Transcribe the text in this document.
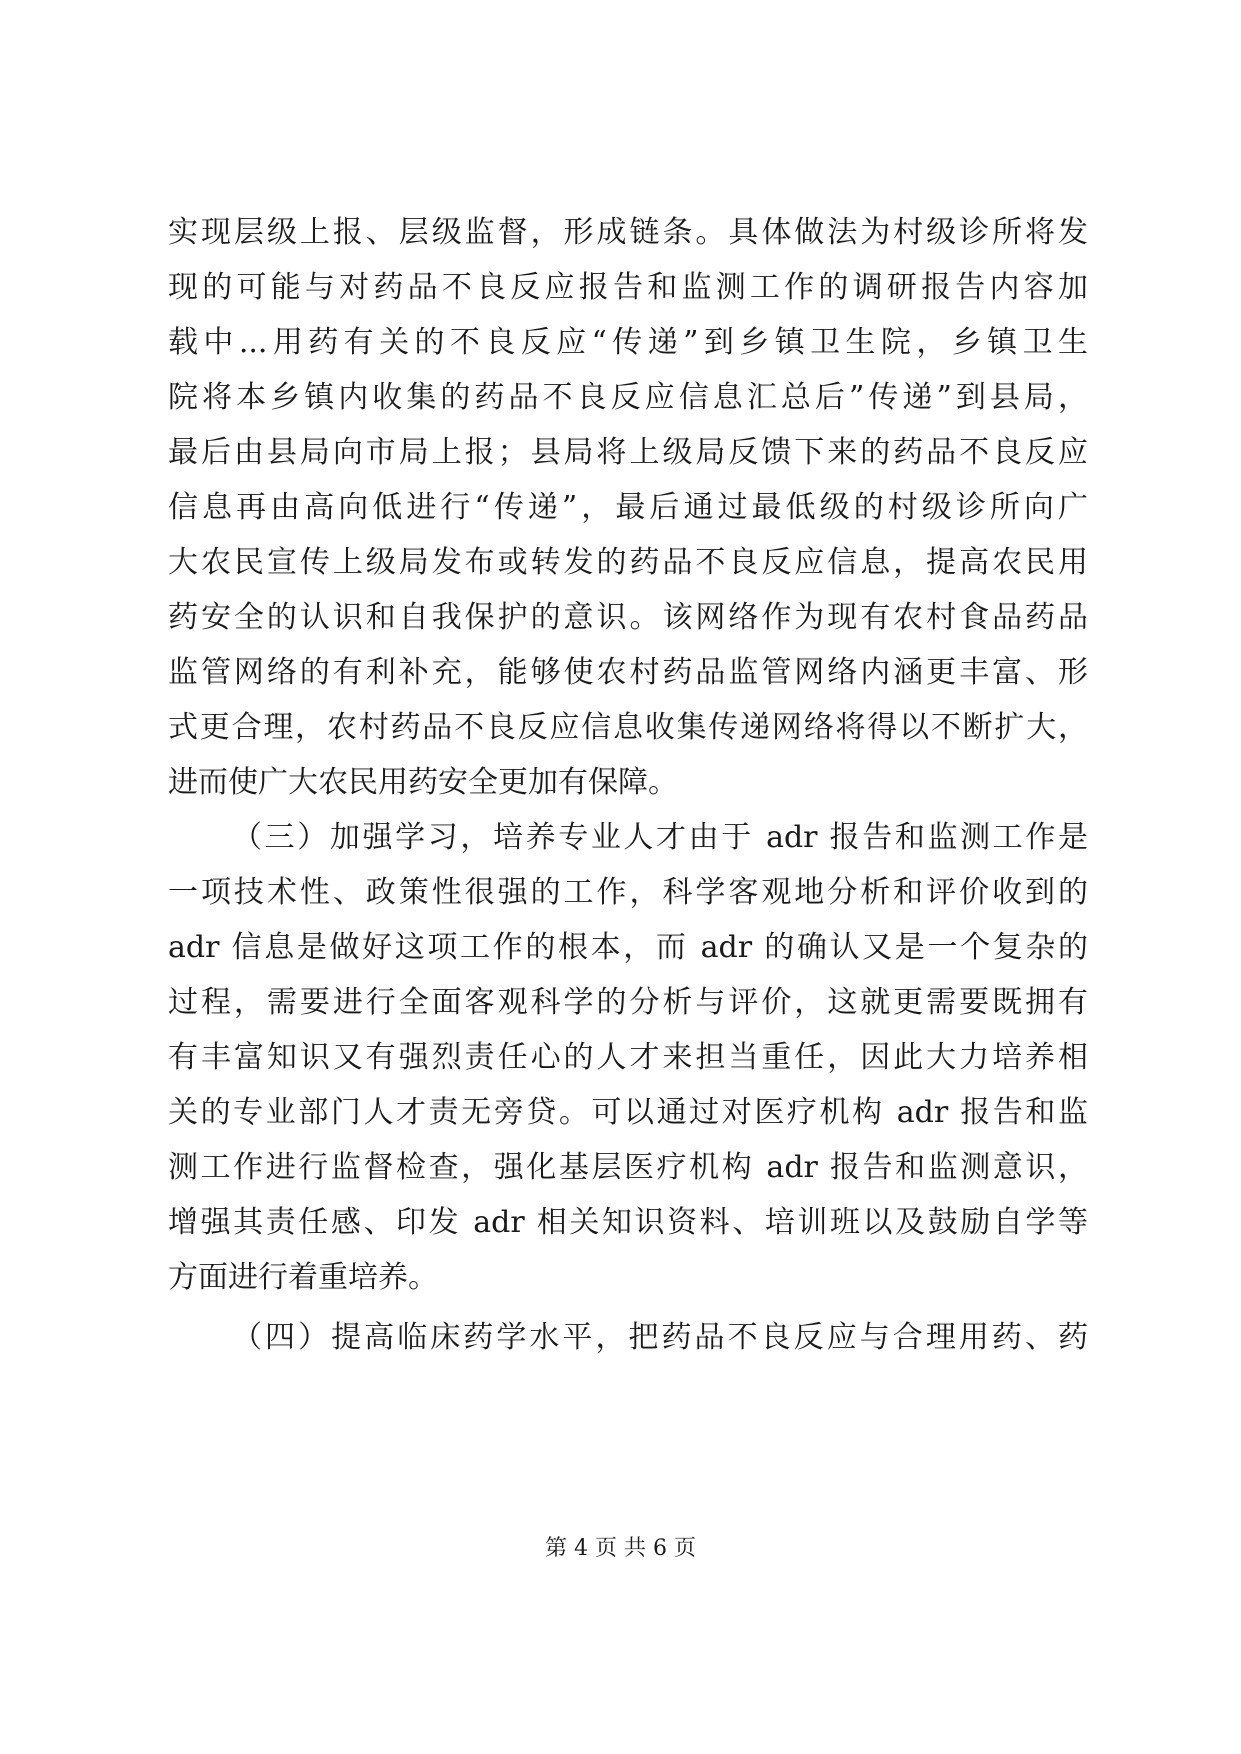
实现层级上报、层级监督，形成链条。具体做法为村级诊所将发
现的可能与对药品不良反应报告和监测工作的调研报告内容加
载中...用药有关的不良反应“传递”到乡镇卫生院，乡镇卫生
院将本乡镇内收集的药品不良反应信息汇总后”传递”到县局，
最后由县局向市局上报；县局将上级局反馈下来的药品不良反应
信息再由高向低进行“传递”，最后通过最低级的村级诊所向广
大农民宣传上级局发布或转发的药品不良反应信息，提高农民用
药安全的认识和自我保护的意识。该网络作为现有农村食品药品
监管网络的有利补充，能够使农村药品监管网络内涵更丰富、形
式更合理，农村药品不良反应信息收集传递网络将得以不断扩大，
进而使广大农民用药安全更加有保障。
（三）加强学习，培养专业人才由于 adr 报告和监测工作是
一项技术性、政策性很强的工作，科学客观地分析和评价收到的
adr 信息是做好这项工作的根本，而 adr 的确认又是一个复杂的
过程，需要进行全面客观科学的分析与评价，这就更需要既拥有
有丰富知识又有强烈责任心的人才来担当重任，因此大力培养相
关的专业部门人才责无旁贷。可以通过对医疗机构 adr 报告和监
测工作进行监督检查，强化基层医疗机构 adr 报告和监测意识，
增强其责任感、印发 adr 相关知识资料、培训班以及鼓励自学等
方面进行着重培养。
（四）提高临床药学水平，把药品不良反应与合理用药、药
第 4 页 共 6 页
